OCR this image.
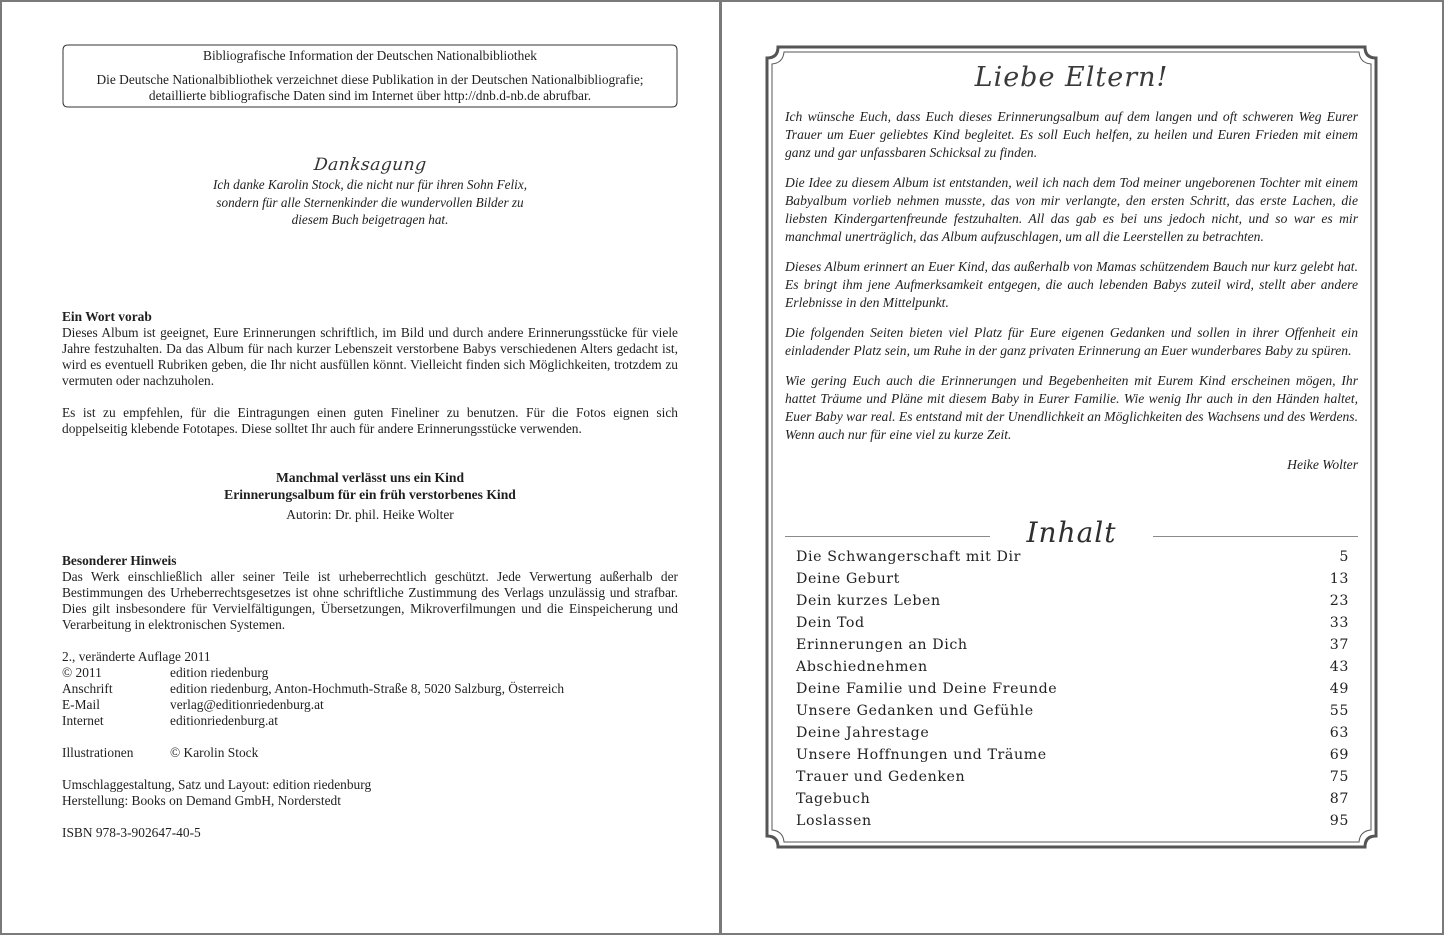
Bibliografische Information der Deutschen Nationalbibliothek
Die Deutsche Nationalbibliothek verzeichnet diese Publikation in der Deutschen Nationalbibliografie;
detaillierte bibliografische Daten sind im Internet über http://dnb.d-nb.de abrufbar.
Danksagung
Ich danke Karolin Stock, die nicht nur für ihren Sohn Felix, sondern für alle Sternenkinder die wundervollen Bilder zu diesem Buch beigetragen hat.
Ein Wort vorab
Dieses Album ist geeignet, Eure Erinnerungen schriftlich, im Bild und durch andere Erinnerungsstücke für viele Jahre festzuhalten. Da das Album für nach kurzer Lebenszeit verstorbene Babys verschiedenen Alters gedacht ist, wird es eventuell Rubriken geben, die Ihr nicht ausfüllen könnt. Vielleicht finden sich Möglichkeiten, trotzdem zu vermuten oder nachzuholen.
Es ist zu empfehlen, für die Eintragungen einen guten Fineliner zu benutzen. Für die Fotos eignen sich doppelseitig klebende Fototapes. Diese solltet Ihr auch für andere Erinnerungsstücke verwenden.
Manchmal verlässt uns ein Kind
Erinnerungsalbum für ein früh verstorbenes Kind
Autorin: Dr. phil. Heike Wolter
Besonderer Hinweis
Das Werk einschließlich aller seiner Teile ist urheberrechtlich geschützt. Jede Verwertung außerhalb der Bestimmungen des Urheberrechtsgesetzes ist ohne schriftliche Zustimmung des Verlags unzulässig und strafbar. Dies gilt insbesondere für Vervielfältigungen, Übersetzungen, Mikroverfilmungen und die Einspeicherung und Verarbeitung in elektronischen Systemen.
2., veränderte Auflage 2011
© 2011	edition riedenburg
Anschrift	edition riedenburg, Anton-Hochmuth-Straße 8, 5020 Salzburg, Österreich
E-Mail	verlag@editionriedenburg.at
Internet	editionriedenburg.at
Illustrationen	© Karolin Stock
Umschlaggestaltung, Satz und Layout: edition riedenburg
Herstellung: Books on Demand GmbH, Norderstedt
ISBN 978-3-902647-40-5
Liebe Eltern!

Ich wünsche Euch, dass Euch dieses Erinnerungsalbum auf dem langen und oft schweren Weg Eurer Trauer um Euer geliebtes Kind begleitet. Es soll Euch helfen, zu heilen und Euren Frieden mit einem ganz und gar unfassbaren Schicksal zu finden.

Die Idee zu diesem Album ist entstanden, weil ich nach dem Tod meiner ungeborenen Tochter mit einem Babyalbum vorlieb nehmen musste, das von mir verlangte, den ersten Schritt, das erste Lachen, die liebsten Kindergartenfreunde festzuhalten. All das gab es bei uns jedoch nicht, und so war es mir manchmal unerträglich, das Album aufzuschlagen, um all die Leerstellen zu betrachten.

Dieses Album erinnert an Euer Kind, das außerhalb von Mamas schützendem Bauch nur kurz gelebt hat. Es bringt ihm jene Aufmerksamkeit entgegen, die auch lebenden Babys zuteil wird, stellt aber andere Erlebnisse in den Mittelpunkt.

Die folgenden Seiten bieten viel Platz für Eure eigenen Gedanken und sollen in ihrer Offenheit ein einladender Platz sein, um Ruhe in der ganz privaten Erinnerung an Euer wunderbares Baby zu spüren.

Wie gering Euch auch die Erinnerungen und Begebenheiten mit Eurem Kind erscheinen mögen, Ihr hattet Träume und Pläne mit diesem Baby in Eurer Familie. Wie wenig Ihr auch in den Händen haltet, Euer Baby war real. Es entstand mit der Unendlichkeit an Möglichkeiten des Wachsens und des Werdens. Wenn auch nur für eine viel zu kurze Zeit.

Heike Wolter
Inhalt
Die Schwangerschaft mit Dir	5
Deine Geburt	13
Dein kurzes Leben	23
Dein Tod	33
Erinnerungen an Dich	37
Abschiednehmen	43
Deine Familie und Deine Freunde	49
Unsere Gedanken und Gefühle	55
Deine Jahrestage	63
Unsere Hoffnungen und Träume	69
Trauer und Gedenken	75
Tagebuch	87
Loslassen	95
